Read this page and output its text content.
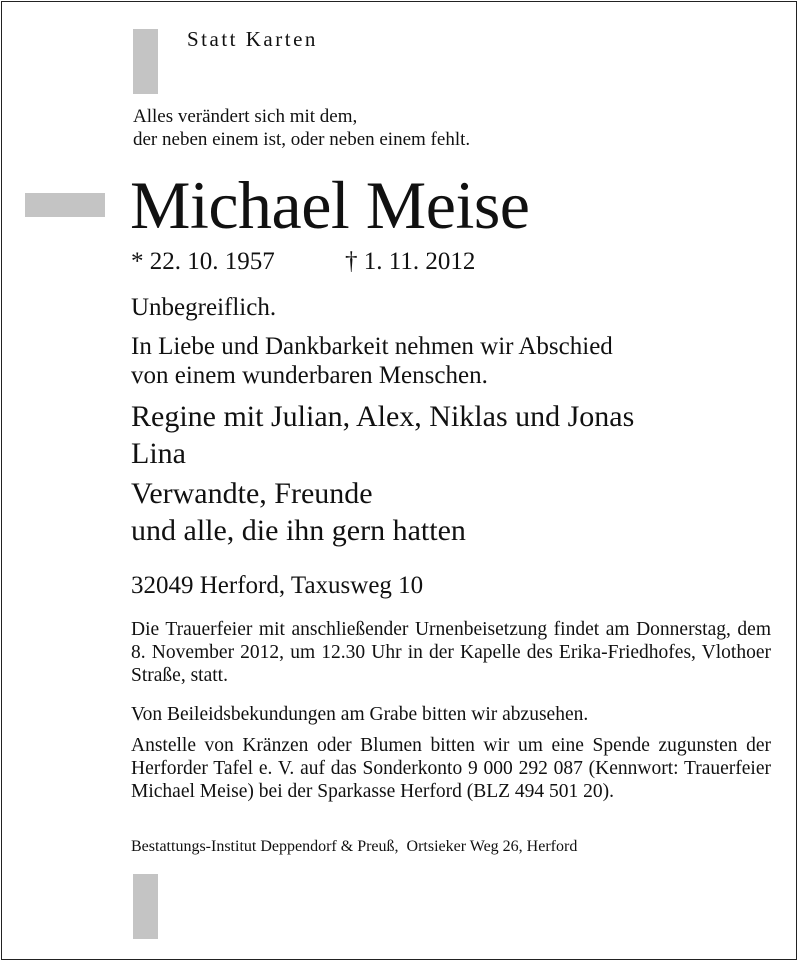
Statt Karten

Alles verändert sich mit dem,

der neben einem ist, oder neben einem fehlt.

Michael Meise

* 22. 10. 1957	† 1. 11. 2012

Unbegreiflich.

In Liebe und Dankbarkeit nehmen wir Abschied

von einem wunderbaren Menschen.

Regine mit Julian, Alex, Niklas und Jonas

Lina

Verwandte, Freunde

und alle, die ihn gern hatten

32049 Herford, Taxusweg 10

Die Trauerfeier mit anschließender Urnenbeisetzung findet am Donnerstag, dem 8. November 2012, um 12.30 Uhr in der Kapelle des Erika-Friedhofes, Vlothoer Straße, statt.

Von Beileidsbekundungen am Grabe bitten wir abzusehen.

Anstelle von Kränzen oder Blumen bitten wir um eine Spende zugunsten der Herforder Tafel e. V. auf das Sonderkonto 9 000 292 087 (Kennwort: Trauerfeier Michael Meise) bei der Sparkasse Herford (BLZ 494 501 20).

Bestattungs-Institut Deppendorf & Preuß,  Ortsieker Weg 26, Herford
